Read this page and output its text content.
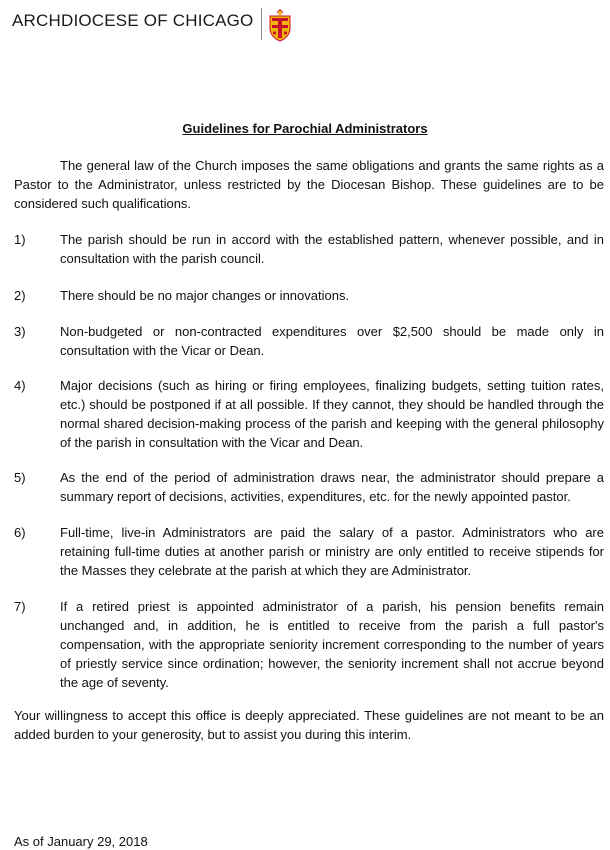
ARCHDIOCESE OF CHICAGO
Guidelines for Parochial Administrators

The general law of the Church imposes the same obligations and grants the same rights as a Pastor to the Administrator, unless restricted by the Diocesan Bishop. These guidelines are to be considered such qualifications.

1)	The parish should be run in accord with the established pattern, whenever possible, and in consultation with the parish council.
2)	There should be no major changes or innovations.
3)	Non-budgeted or non-contracted expenditures over $2,500 should be made only in consultation with the Vicar or Dean.
4)	Major decisions (such as hiring or firing employees, finalizing budgets, setting tuition rates, etc.) should be postponed if at all possible. If they cannot, they should be handled through the normal shared decision-making process of the parish and keeping with the general philosophy of the parish in consultation with the Vicar and Dean.
5)	As the end of the period of administration draws near, the administrator should prepare a summary report of decisions, activities, expenditures, etc. for the newly appointed pastor.
6)	Full-time, live-in Administrators are paid the salary of a pastor. Administrators who are retaining full-time duties at another parish or ministry are only entitled to receive stipends for the Masses they celebrate at the parish at which they are Administrator.
7)	If a retired priest is appointed administrator of a parish, his pension benefits remain unchanged and, in addition, he is entitled to receive from the parish a full pastor's compensation, with the appropriate seniority increment corresponding to the number of years of priestly service since ordination; however, the seniority increment shall not accrue beyond the age of seventy.

Your willingness to accept this office is deeply appreciated. These guidelines are not meant to be an added burden to your generosity, but to assist you during this interim.

As of January 29, 2018
